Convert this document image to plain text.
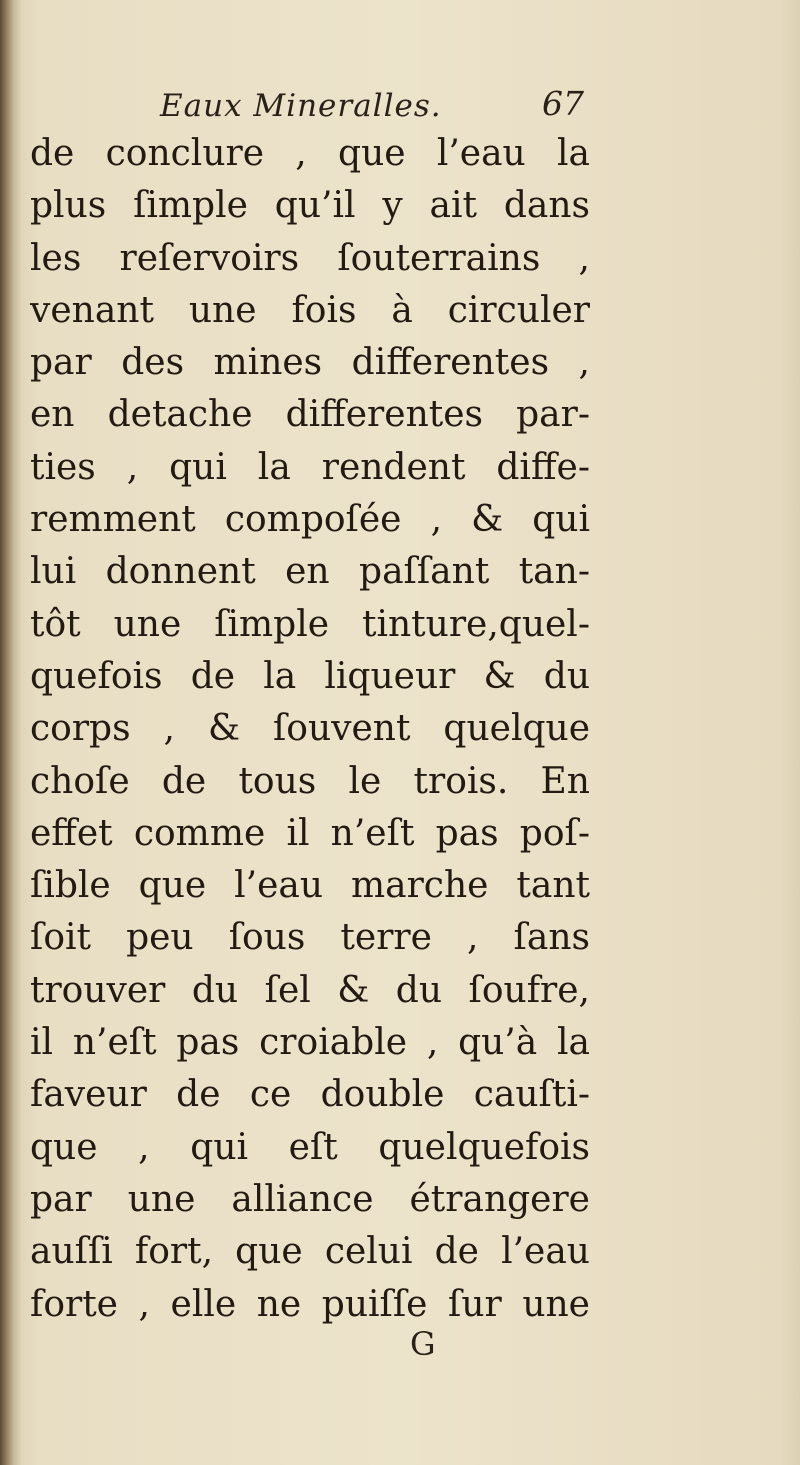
Eaux Mineralles.	67
de conclure , que l’eau la
plus ſimple qu’il y ait dans
les reſervoirs ſouterrains ,
venant une fois à circuler
par des mines differentes ,
en detache differentes par-
ties , qui la rendent diffe-
remment compoſée , & qui
lui donnent en paſſant tan-
tôt une ſimple tinture,quel-
quefois de la liqueur & du
corps , & ſouvent quelque
choſe de tous le trois. En
effet comme il n’eſt pas poſ-
ſible que l’eau marche tant
ſoit peu ſous terre , ſans
trouver du ſel & du ſoufre,
il n’eſt pas croiable , qu’à la
faveur de ce double cauſti-
que , qui eſt quelquefois
par une alliance étrangere
auſſi fort, que celui de l’eau
forte , elle ne puiſſe ſur une
G
